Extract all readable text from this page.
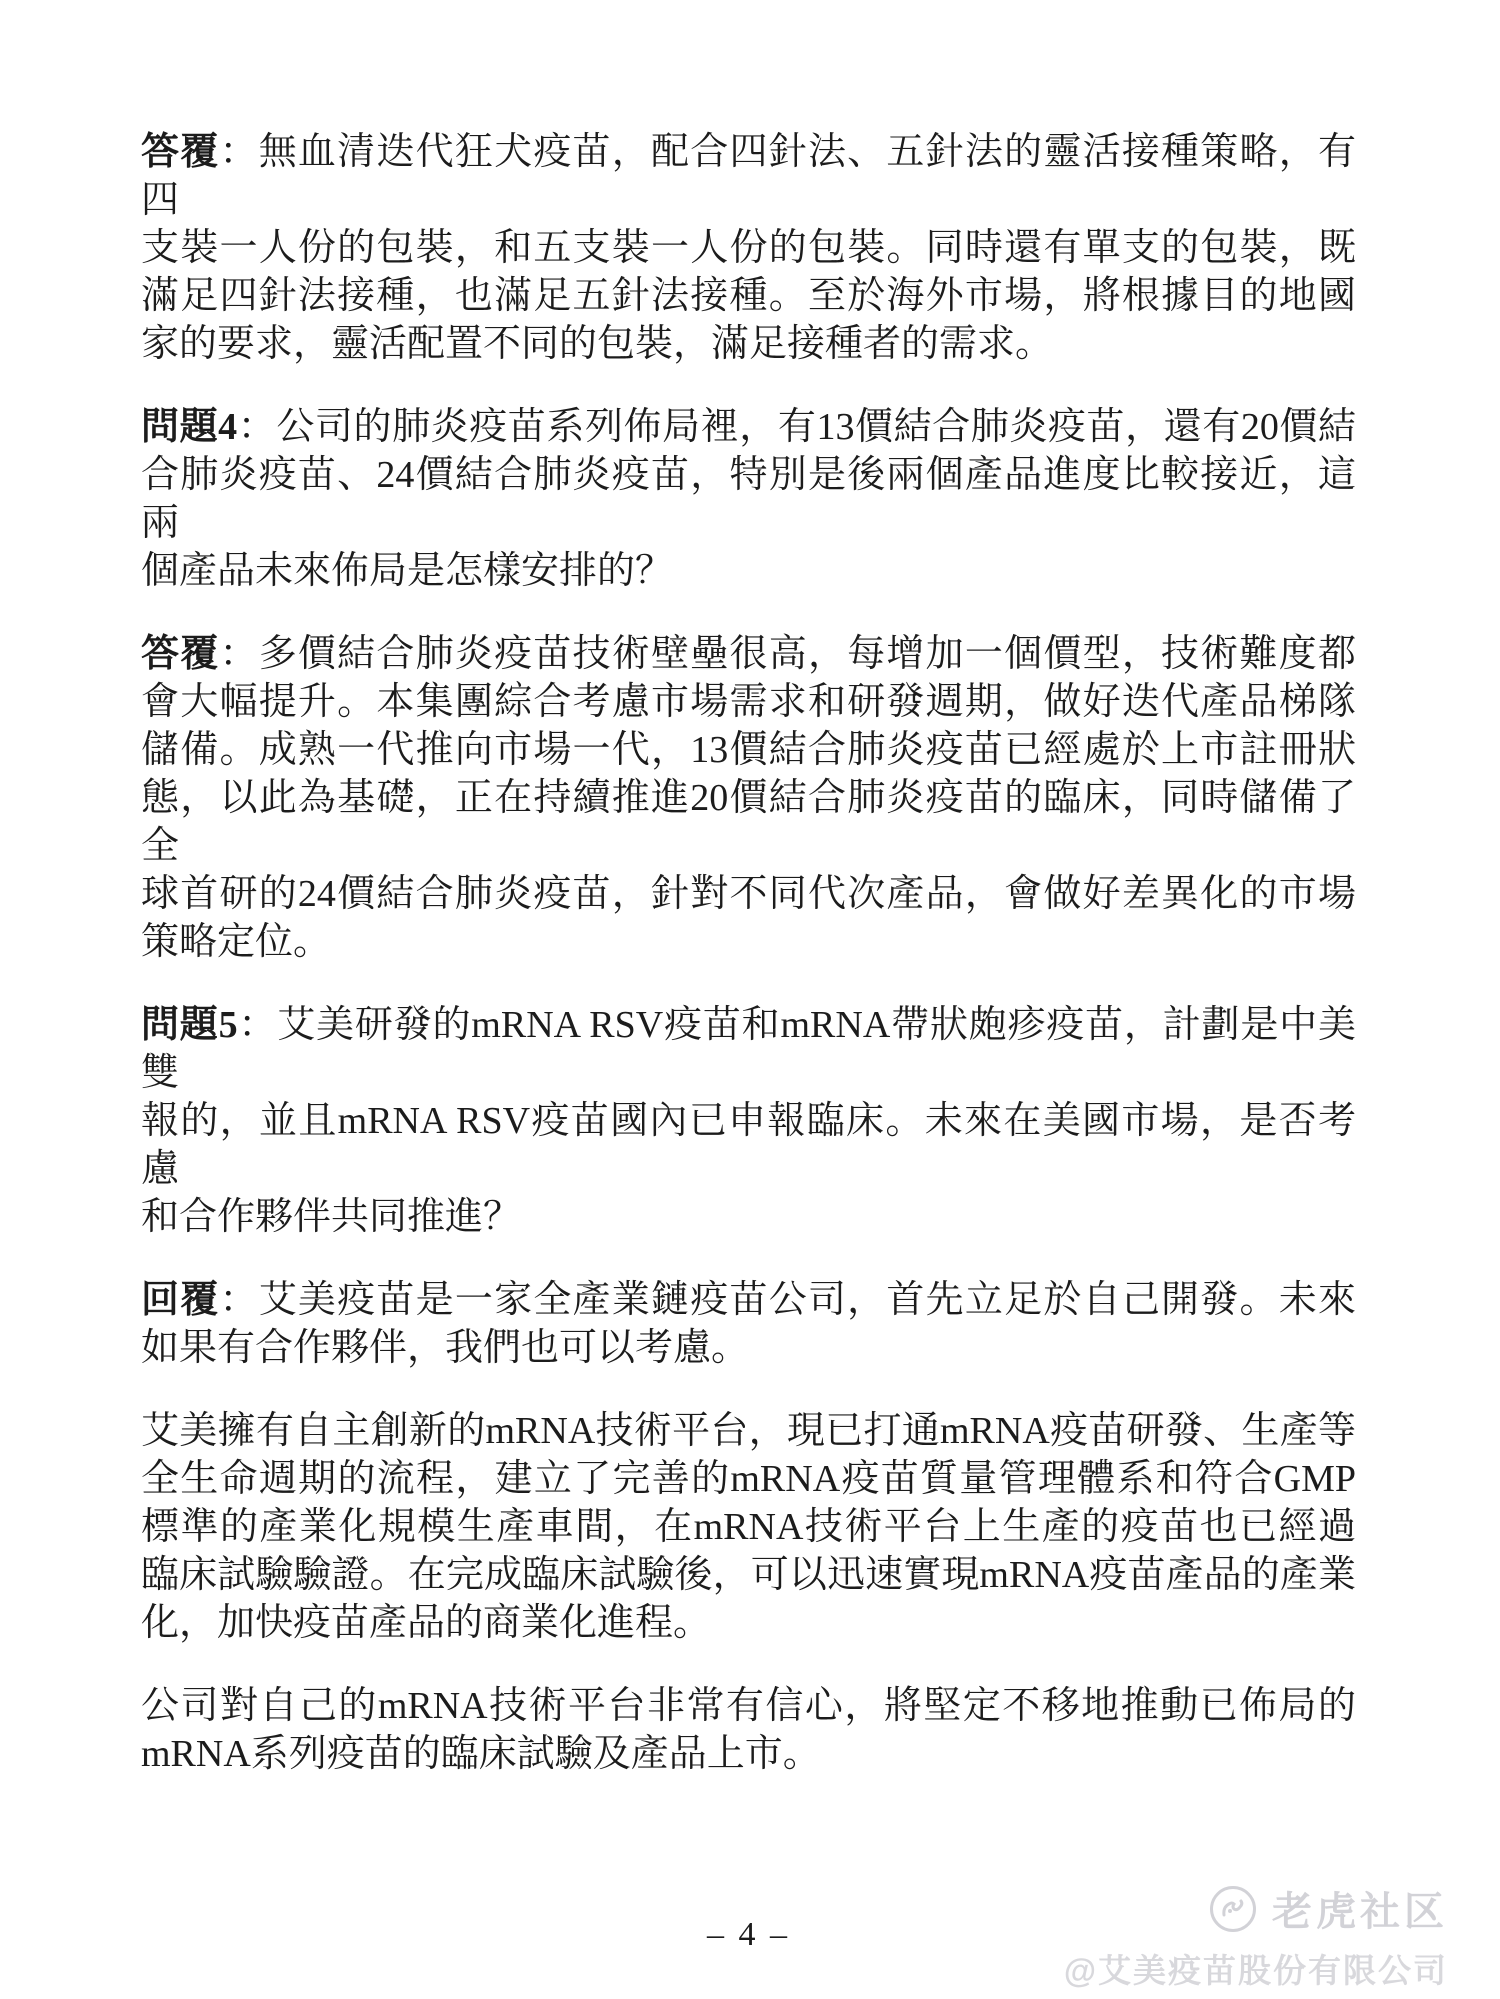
答覆：無血清迭代狂犬疫苗，配合四針法、五針法的靈活接種策略，有四
支裝一人份的包裝，和五支裝一人份的包裝。同時還有單支的包裝，既
滿足四針法接種，也滿足五針法接種。至於海外市場，將根據目的地國
家的要求，靈活配置不同的包裝，滿足接種者的需求。
問題4：公司的肺炎疫苗系列佈局裡，有13價結合肺炎疫苗，還有20價結
合肺炎疫苗、24價結合肺炎疫苗，特別是後兩個產品進度比較接近，這兩
個產品未來佈局是怎樣安排的？
答覆：多價結合肺炎疫苗技術壁壘很高，每增加一個價型，技術難度都
會大幅提升。本集團綜合考慮市場需求和研發週期，做好迭代產品梯隊
儲備。成熟一代推向市場一代，13價結合肺炎疫苗已經處於上市註冊狀
態，以此為基礎，正在持續推進20價結合肺炎疫苗的臨床，同時儲備了全
球首研的24價結合肺炎疫苗，針對不同代次產品，會做好差異化的市場
策略定位。
問題5：艾美研發的mRNA RSV疫苗和mRNA帶狀皰疹疫苗，計劃是中美雙
報的，並且mRNA RSV疫苗國內已申報臨床。未來在美國市場，是否考慮
和合作夥伴共同推進？
回覆：艾美疫苗是一家全產業鏈疫苗公司，首先立足於自己開發。未來
如果有合作夥伴，我們也可以考慮。
艾美擁有自主創新的mRNA技術平台，現已打通mRNA疫苗研發、生產等
全生命週期的流程，建立了完善的mRNA疫苗質量管理體系和符合GMP
標準的產業化規模生產車間，在mRNA技術平台上生產的疫苗也已經過
臨床試驗驗證。在完成臨床試驗後，可以迅速實現mRNA疫苗產品的產業
化，加快疫苗產品的商業化進程。
公司對自己的mRNA技術平台非常有信心，將堅定不移地推動已佈局的
mRNA系列疫苗的臨床試驗及產品上市。
– 4 –
老虎社区
@艾美疫苗股份有限公司
